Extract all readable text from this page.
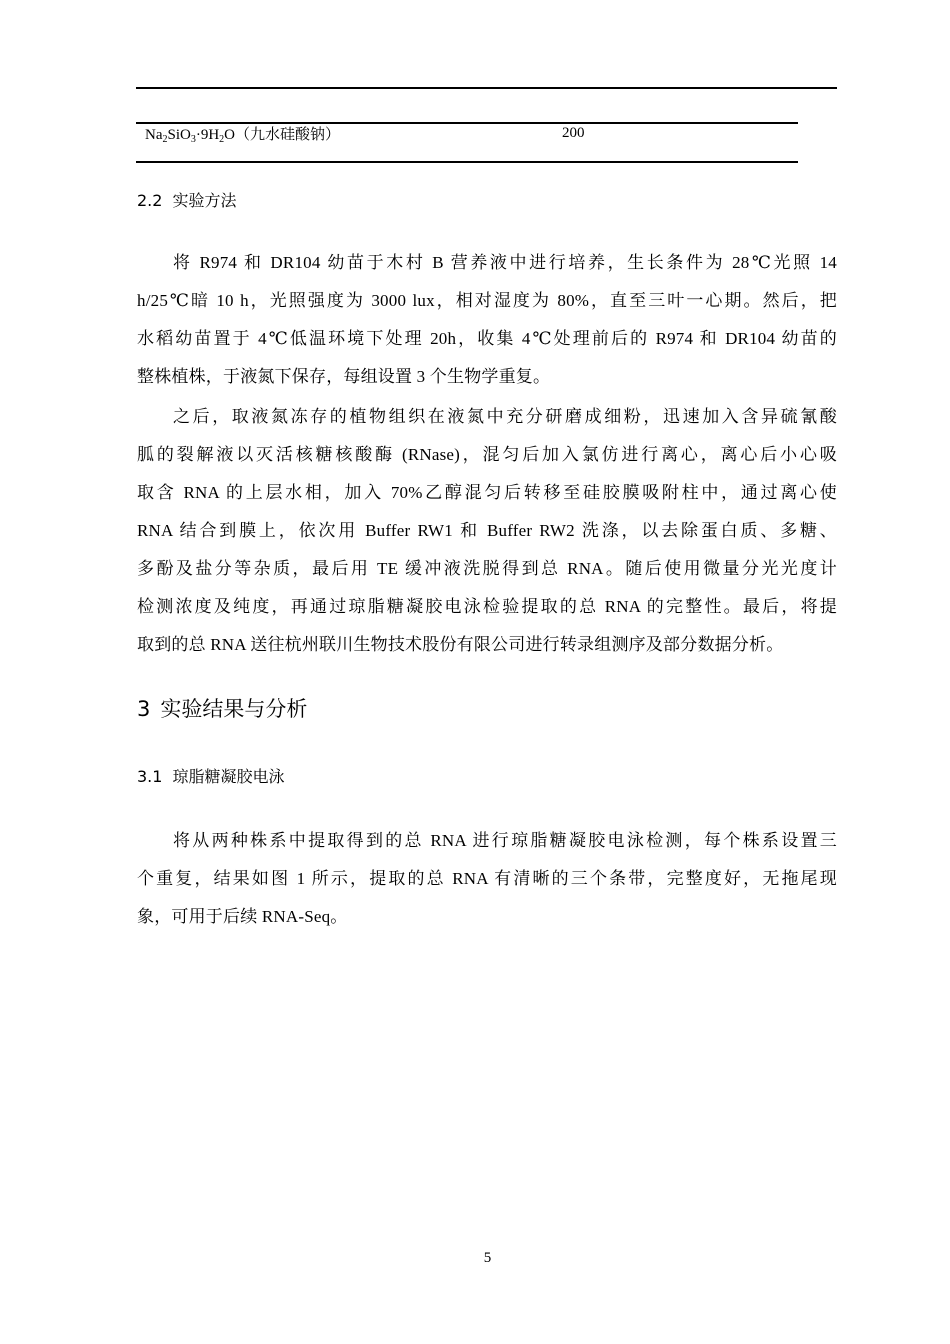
$Na_2SiO_3\cdot 9H_2O$（九水硅酸钠）	200
2.2 实验方法
将 R974 和 DR104 幼苗于木村 B 营养液中进行培养，生长条件为 28℃光照 14
h/25℃暗 10 h，光照强度为 3000 lux，相对湿度为 80%，直至三叶一心期。然后，把
水稻幼苗置于 4℃低温环境下处理 20h，收集 4℃处理前后的 R974 和 DR104 幼苗的
整株植株，于液氮下保存，每组设置 3 个生物学重复。
之后，取液氮冻存的植物组织在液氮中充分研磨成细粉，迅速加入含异硫氰酸
胍的裂解液以灭活核糖核酸酶 (RNase)，混匀后加入氯仿进行离心，离心后小心吸
取含 RNA 的上层水相，加入 70%乙醇混匀后转移至硅胶膜吸附柱中，通过离心使
RNA 结合到膜上，依次用 Buffer RW1 和 Buffer RW2 洗涤，以去除蛋白质、多糖、
多酚及盐分等杂质，最后用 TE 缓冲液洗脱得到总 RNA。随后使用微量分光光度计
检测浓度及纯度，再通过琼脂糖凝胶电泳检验提取的总 RNA 的完整性。最后，将提
取到的总 RNA 送往杭州联川生物技术股份有限公司进行转录组测序及部分数据分析。
3 实验结果与分析
3.1 琼脂糖凝胶电泳
将从两种株系中提取得到的总 RNA 进行琼脂糖凝胶电泳检测，每个株系设置三
个重复，结果如图 1 所示，提取的总 RNA 有清晰的三个条带，完整度好，无拖尾现
象，可用于后续 RNA-Seq。
5
